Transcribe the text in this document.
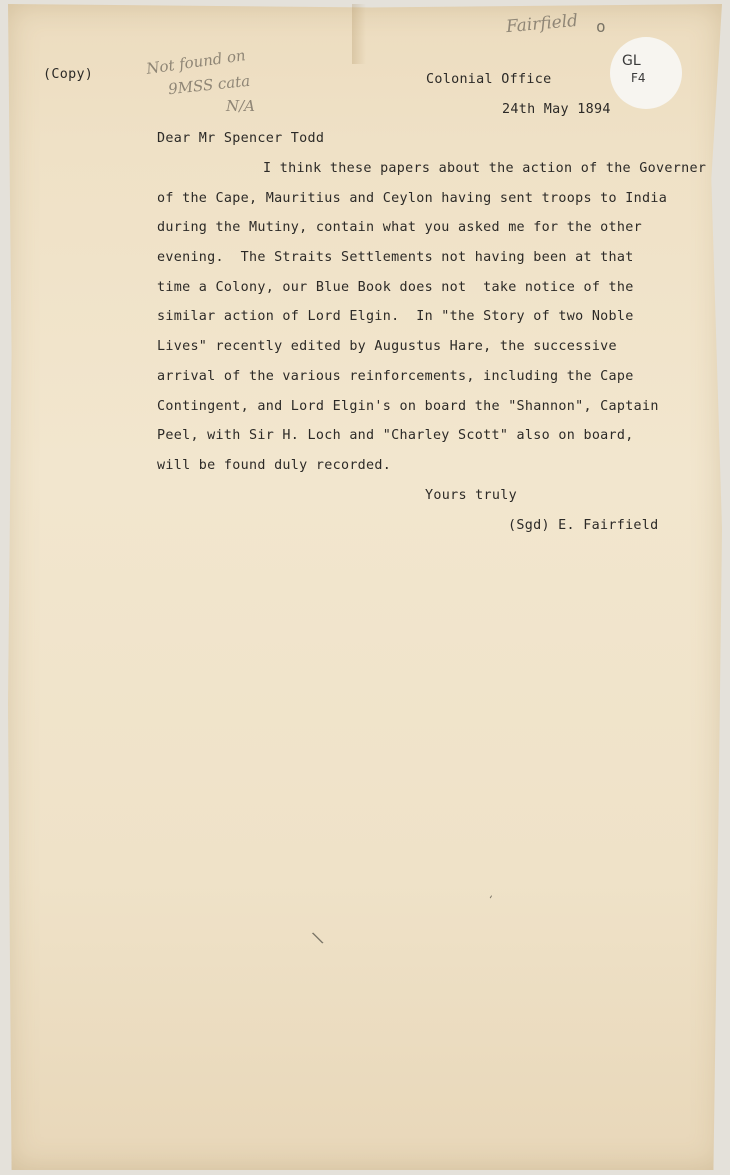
(Copy)	Not found on
9MSS cata
N/A
Fairfield o
GL
F4
Colonial Office
24th May 1894
Dear Mr Spencer Todd
I think these papers about the action of the Governer
of the Cape, Mauritius and Ceylon having sent troops to India
during the Mutiny, contain what you asked me for the other
evening.  The Straits Settlements not having been at that
time a Colony, our Blue Book does not  take notice of the
similar action of Lord Elgin.  In "the Story of two Noble
Lives" recently edited by Augustus Hare, the successive
arrival of the various reinforcements, including the Cape
Contingent, and Lord Elgin's on board the "Shannon", Captain
Peel, with Sir H. Loch and "Charley Scott" also on board,
will be found duly recorded.
Yours truly
(Sgd) E. Fairfield
'
\
